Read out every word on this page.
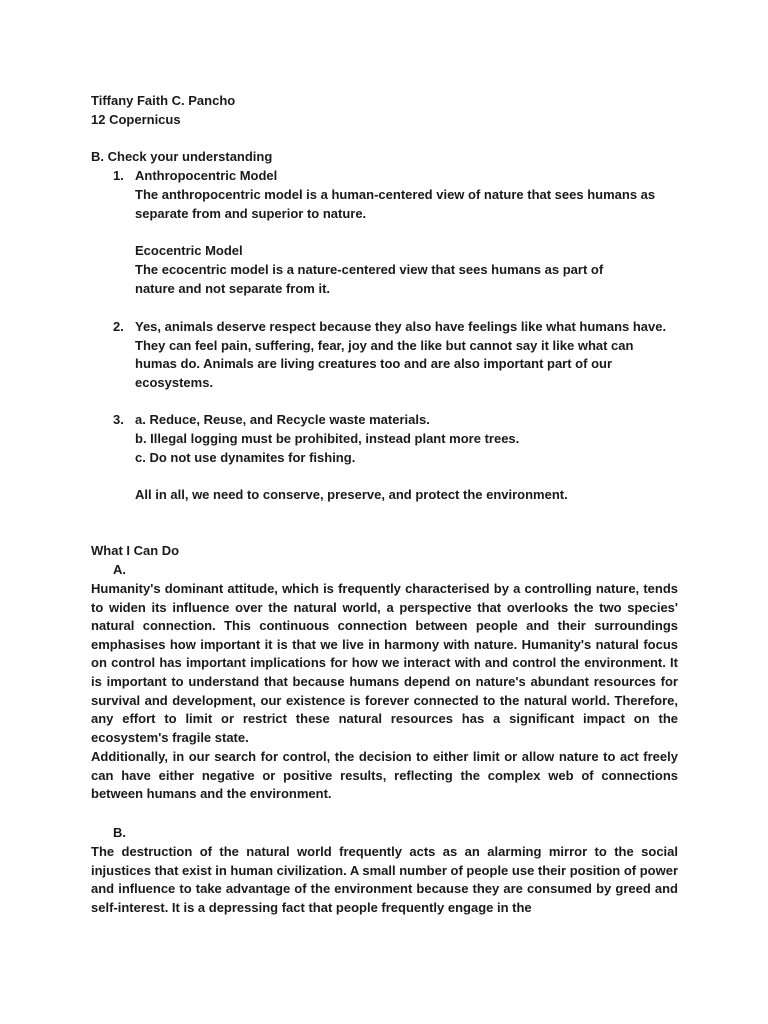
Tiffany Faith C. Pancho
12 Copernicus
B. Check your understanding
1. Anthropocentric Model
The anthropocentric model is a human-centered view of nature that sees humans as separate from and superior to nature.
Ecocentric Model
The ecocentric model is a nature-centered view that sees humans as part of nature and not separate from it.
2. Yes, animals deserve respect because they also have feelings like what humans have. They can feel pain, suffering, fear, joy and the like but cannot say it like what can humas do. Animals are living creatures too and are also important part of our ecosystems.
3. a. Reduce, Reuse, and Recycle waste materials.
b. Illegal logging must be prohibited, instead plant more trees.
c. Do not use dynamites for fishing.
All in all, we need to conserve, preserve, and protect the environment.
What I Can Do
A.
Humanity's dominant attitude, which is frequently characterised by a controlling nature, tends to widen its influence over the natural world, a perspective that overlooks the two species' natural connection. This continuous connection between people and their surroundings emphasises how important it is that we live in harmony with nature. Humanity's natural focus on control has important implications for how we interact with and control the environment. It is important to understand that because humans depend on nature's abundant resources for survival and development, our existence is forever connected to the natural world. Therefore, any effort to limit or restrict these natural resources has a significant impact on the ecosystem's fragile state.
Additionally, in our search for control, the decision to either limit or allow nature to act freely can have either negative or positive results, reflecting the complex web of connections between humans and the environment.
B.
The destruction of the natural world frequently acts as an alarming mirror to the social injustices that exist in human civilization. A small number of people use their position of power and influence to take advantage of the environment because they are consumed by greed and self-interest. It is a depressing fact that people frequently engage in the
